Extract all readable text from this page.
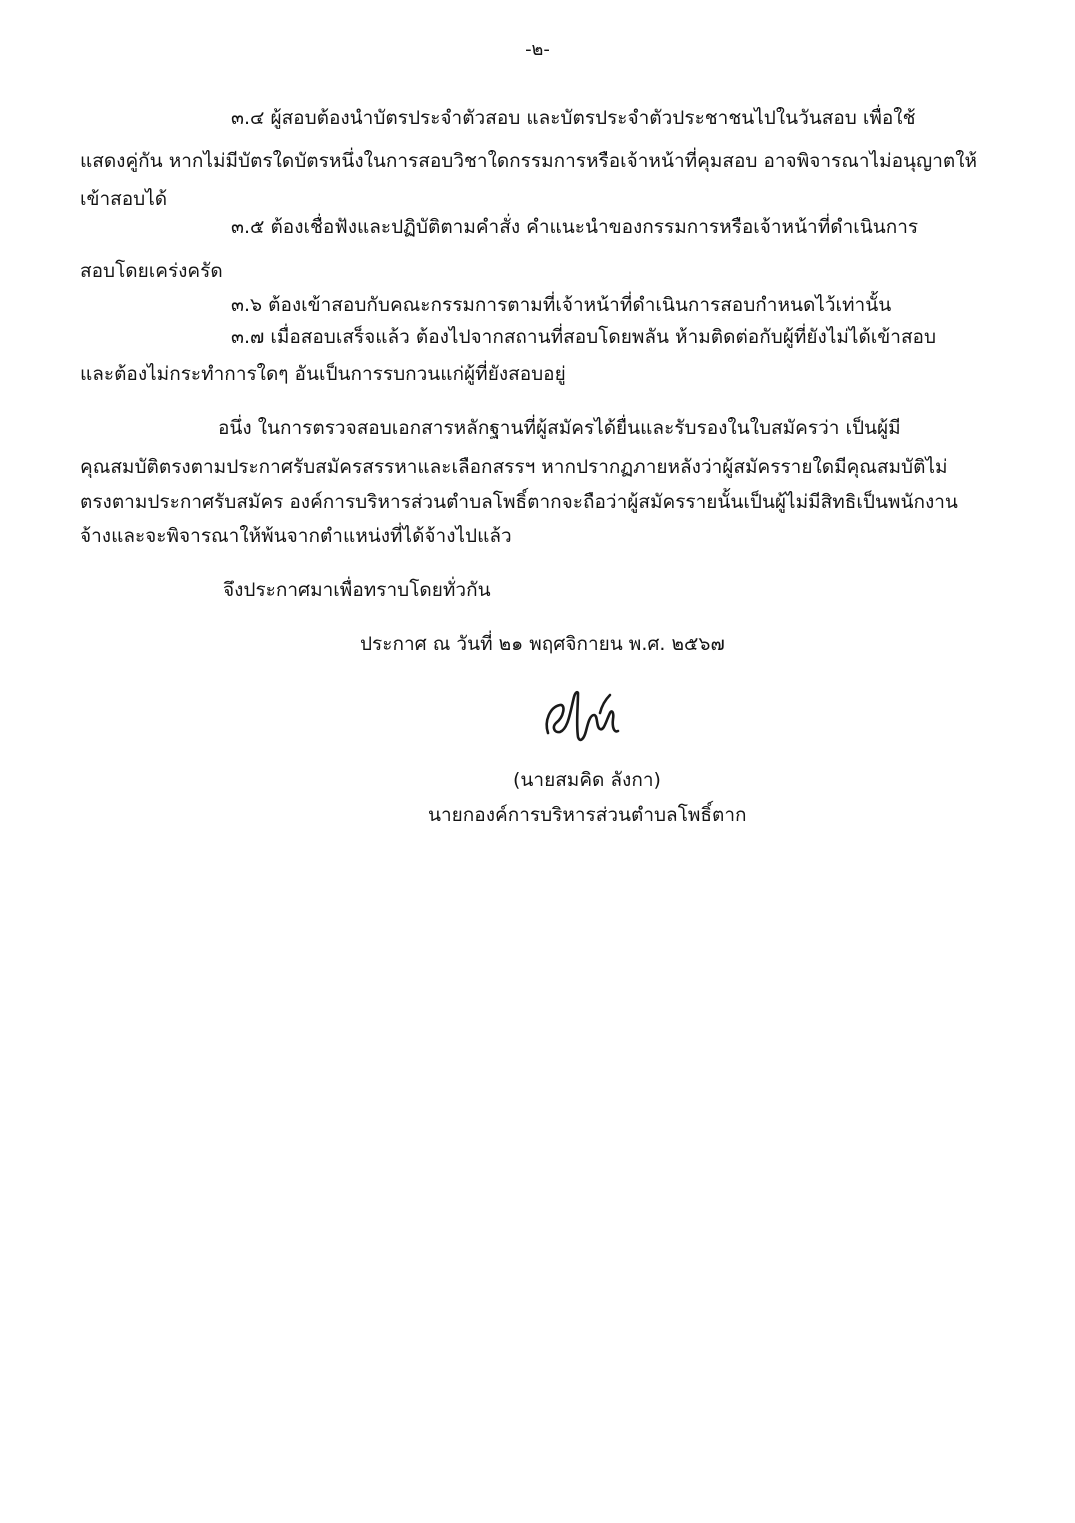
-๒-
๓.๔ ผู้สอบต้องนำบัตรประจำตัวสอบ และบัตรประจำตัวประชาชนไปในวันสอบ เพื่อใช้
แสดงคู่กัน หากไม่มีบัตรใดบัตรหนึ่งในการสอบวิชาใดกรรมการหรือเจ้าหน้าที่คุมสอบ อาจพิจารณาไม่อนุญาตให้
เข้าสอบได้
๓.๕ ต้องเชื่อฟังและปฏิบัติตามคำสั่ง คำแนะนำของกรรมการหรือเจ้าหน้าที่ดำเนินการ
สอบโดยเคร่งครัด
๓.๖ ต้องเข้าสอบกับคณะกรรมการตามที่เจ้าหน้าที่ดำเนินการสอบกำหนดไว้เท่านั้น
๓.๗ เมื่อสอบเสร็จแล้ว ต้องไปจากสถานที่สอบโดยพลัน ห้ามติดต่อกับผู้ที่ยังไม่ได้เข้าสอบ
และต้องไม่กระทำการใดๆ อันเป็นการรบกวนแก่ผู้ที่ยังสอบอยู่
อนึ่ง ในการตรวจสอบเอกสารหลักฐานที่ผู้สมัครได้ยื่นและรับรองในใบสมัครว่า เป็นผู้มี
คุณสมบัติตรงตามประกาศรับสมัครสรรหาและเลือกสรรฯ หากปรากฏภายหลังว่าผู้สมัครรายใดมีคุณสมบัติไม่
ตรงตามประกาศรับสมัคร องค์การบริหารส่วนตำบลโพธิ์ตากจะถือว่าผู้สมัครรายนั้นเป็นผู้ไม่มีสิทธิเป็นพนักงาน
จ้างและจะพิจารณาให้พ้นจากตำแหน่งที่ได้จ้างไปแล้ว
จึงประกาศมาเพื่อทราบโดยทั่วกัน
ประกาศ ณ วันที่ ๒๑ พฤศจิกายน พ.ศ. ๒๕๖๗
(นายสมคิด ลังกา)
นายกองค์การบริหารส่วนตำบลโพธิ์ตาก
